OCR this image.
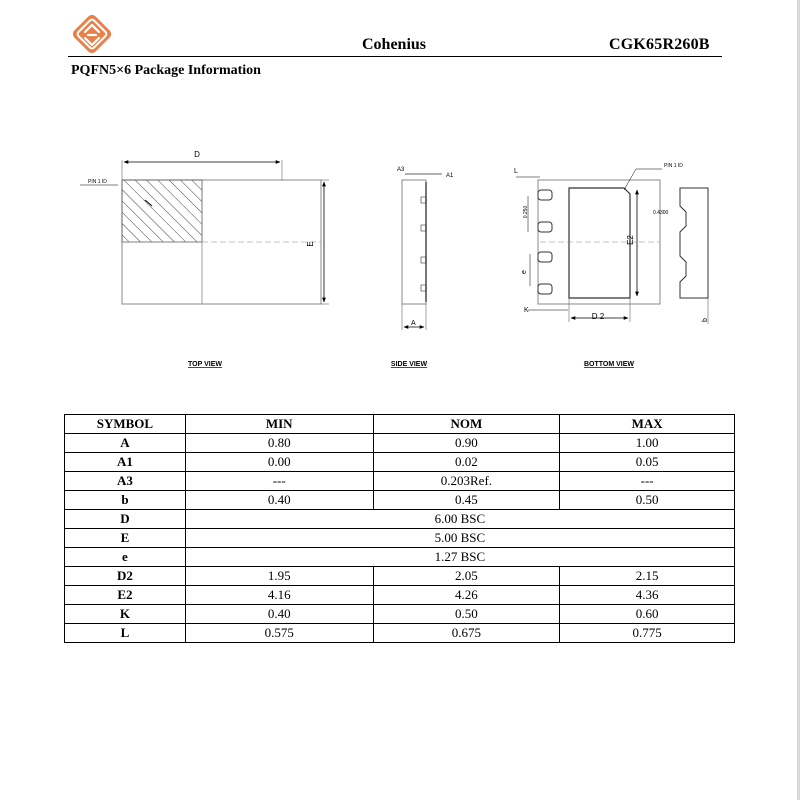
Cohenius	CGK65R260B
PQFN5×6 Package Information
D
E
PIN 1 ID
TOP VIEW
A3
A1
A
SIDE VIEW
0.4300
L
PIN 1 ID
0.250
E2
e
K
D 2	b
BOTTOM VIEW
SYMBOL	MIN	NOM	MAX
A	0.80	0.90	1.00
A1	0.00	0.02	0.05
A3	---	0.203Ref.	---
b	0.40	0.45	0.50
D	6.00 BSC		
E	5.00 BSC		
e	1.27 BSC		
D2	1.95	2.05	2.15
E2	4.16	4.26	4.36
K	0.40	0.50	0.60
L	0.575	0.675	0.775
